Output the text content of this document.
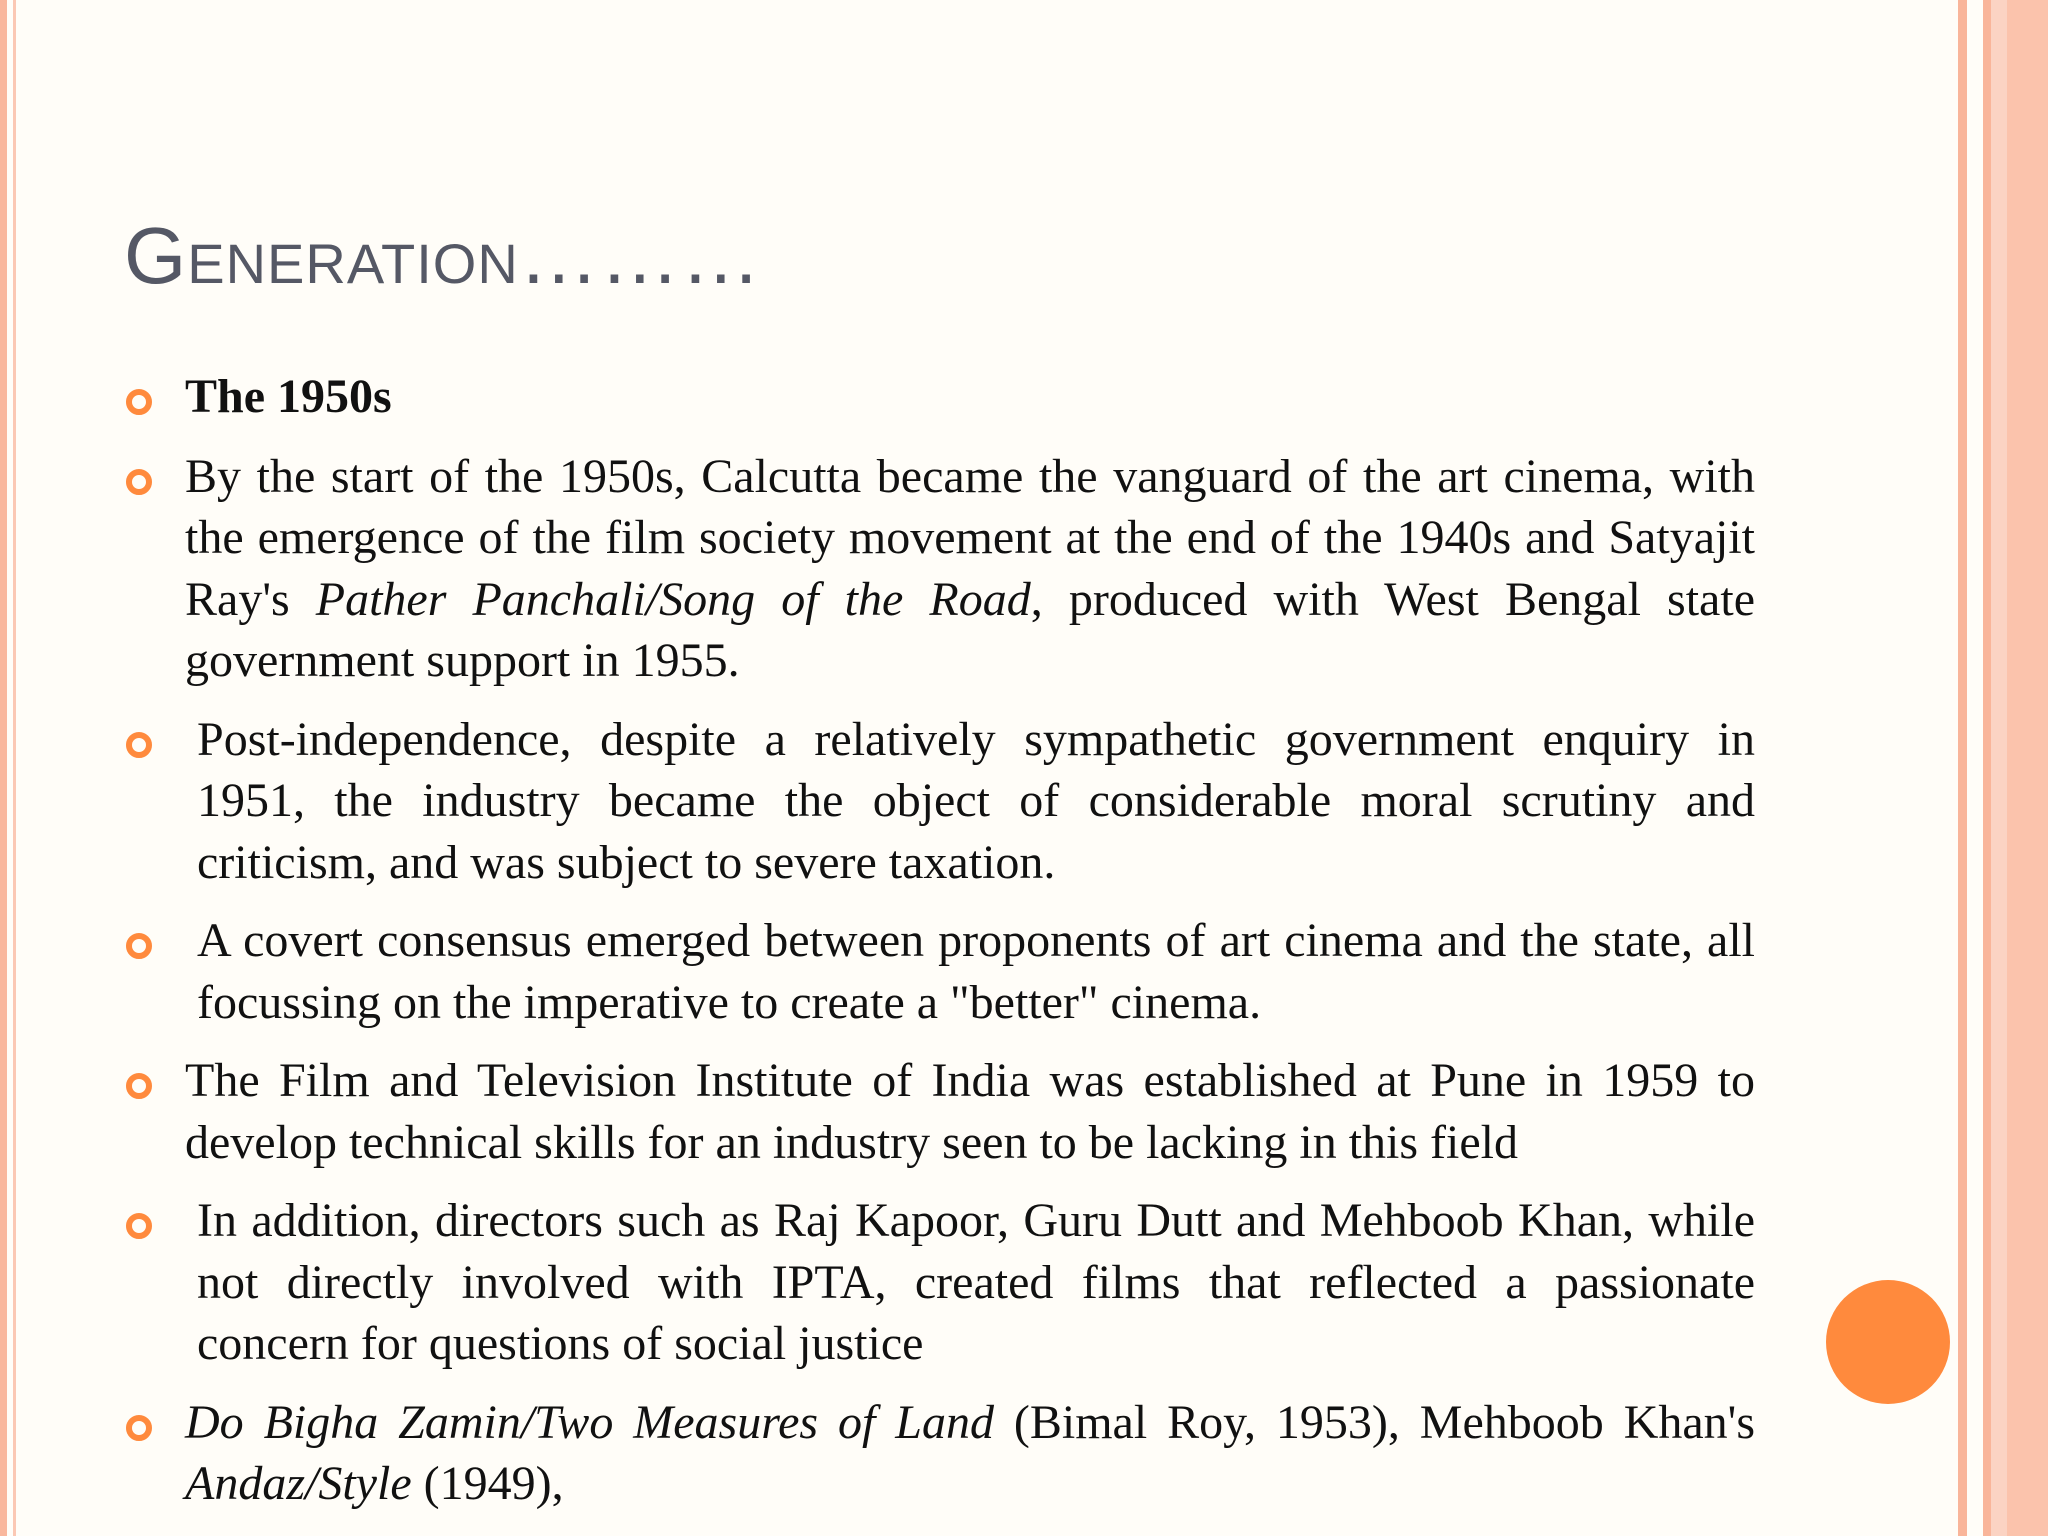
Generation………
The 1950s
By the start of the 1950s, Calcutta became the vanguard of the art cinema, with the emergence of the film society movement at the end of the 1940s and Satyajit Ray's Pather Panchali/Song of the Road, produced with West Bengal state government support in 1955.
Post-independence, despite a relatively sympathetic government enquiry in 1951, the industry became the object of considerable moral scrutiny and criticism, and was subject to severe taxation.
A covert consensus emerged between proponents of art cinema and the state, all focussing on the imperative to create a "better" cinema.
The Film and Television Institute of India was established at Pune in 1959 to develop technical skills for an industry seen to be lacking in this field
In addition, directors such as Raj Kapoor, Guru Dutt and Mehboob Khan, while not directly involved with IPTA, created films that reflected a passionate concern for questions of social justice
Do Bigha Zamin/Two Measures of Land (Bimal Roy, 1953), Mehboob Khan's Andaz/Style (1949),
